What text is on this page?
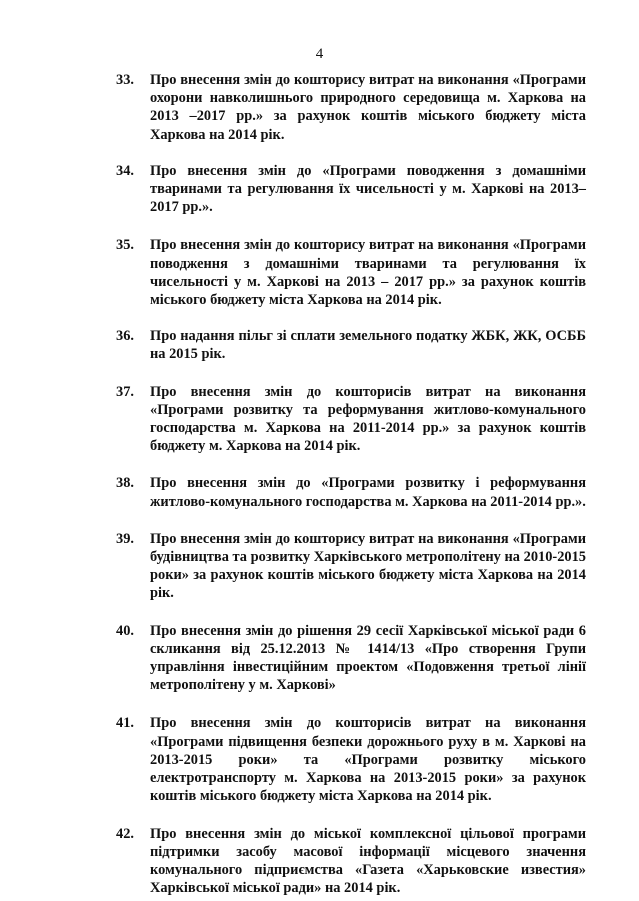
4
33.	Про внесення змін до кошторису витрат на виконання «Програми охорони навколишнього природного середовища м. Харкова на 2013 –2017 рр.» за рахунок коштів міського бюджету міста Харкова на 2014 рік.
34.	Про внесення змін до «Програми поводження з домашніми тваринами та регулювання їх чисельності у м. Харкові на 2013–2017 рр.».
35.	Про внесення змін до кошторису витрат на виконання «Програми поводження з домашніми тваринами та регулювання їх чисельності у м. Харкові на 2013 – 2017 рр.» за рахунок коштів міського бюджету міста Харкова на 2014 рік.
36.	Про надання пільг зі сплати земельного податку ЖБК, ЖК, ОСББ на 2015 рік.
37.	Про внесення змін до кошторисів витрат на виконання «Програми розвитку та реформування житлово-комунального господарства м. Харкова на 2011-2014 рр.» за рахунок коштів бюджету м. Харкова на 2014 рік.
38.	Про внесення змін до «Програми розвитку і реформування житлово-комунального господарства м. Харкова на 2011-2014 рр.».
39.	Про внесення змін до кошторису витрат на виконання «Програми будівництва та розвитку Харківського метрополітену на 2010-2015 роки» за рахунок коштів міського бюджету міста Харкова на 2014 рік.
40.	Про внесення змін до рішення 29 сесії Харківської міської ради 6 скликання від 25.12.2013 № 1414/13 «Про створення Групи управління інвестиційним проектом «Подовження третьої лінії метрополітену у м. Харкові»
41.	Про внесення змін до кошторисів витрат на виконання «Програми підвищення безпеки дорожнього руху в м. Харкові на 2013-2015 роки» та «Програми розвитку міського електротранспорту м. Харкова на 2013-2015 роки» за рахунок коштів міського бюджету міста Харкова на 2014 рік.
42.	Про внесення змін до міської комплексної цільової програми підтримки засобу масової інформації місцевого значення комунального підприємства «Газета «Харьковские известия» Харківської міської ради» на 2014 рік.
